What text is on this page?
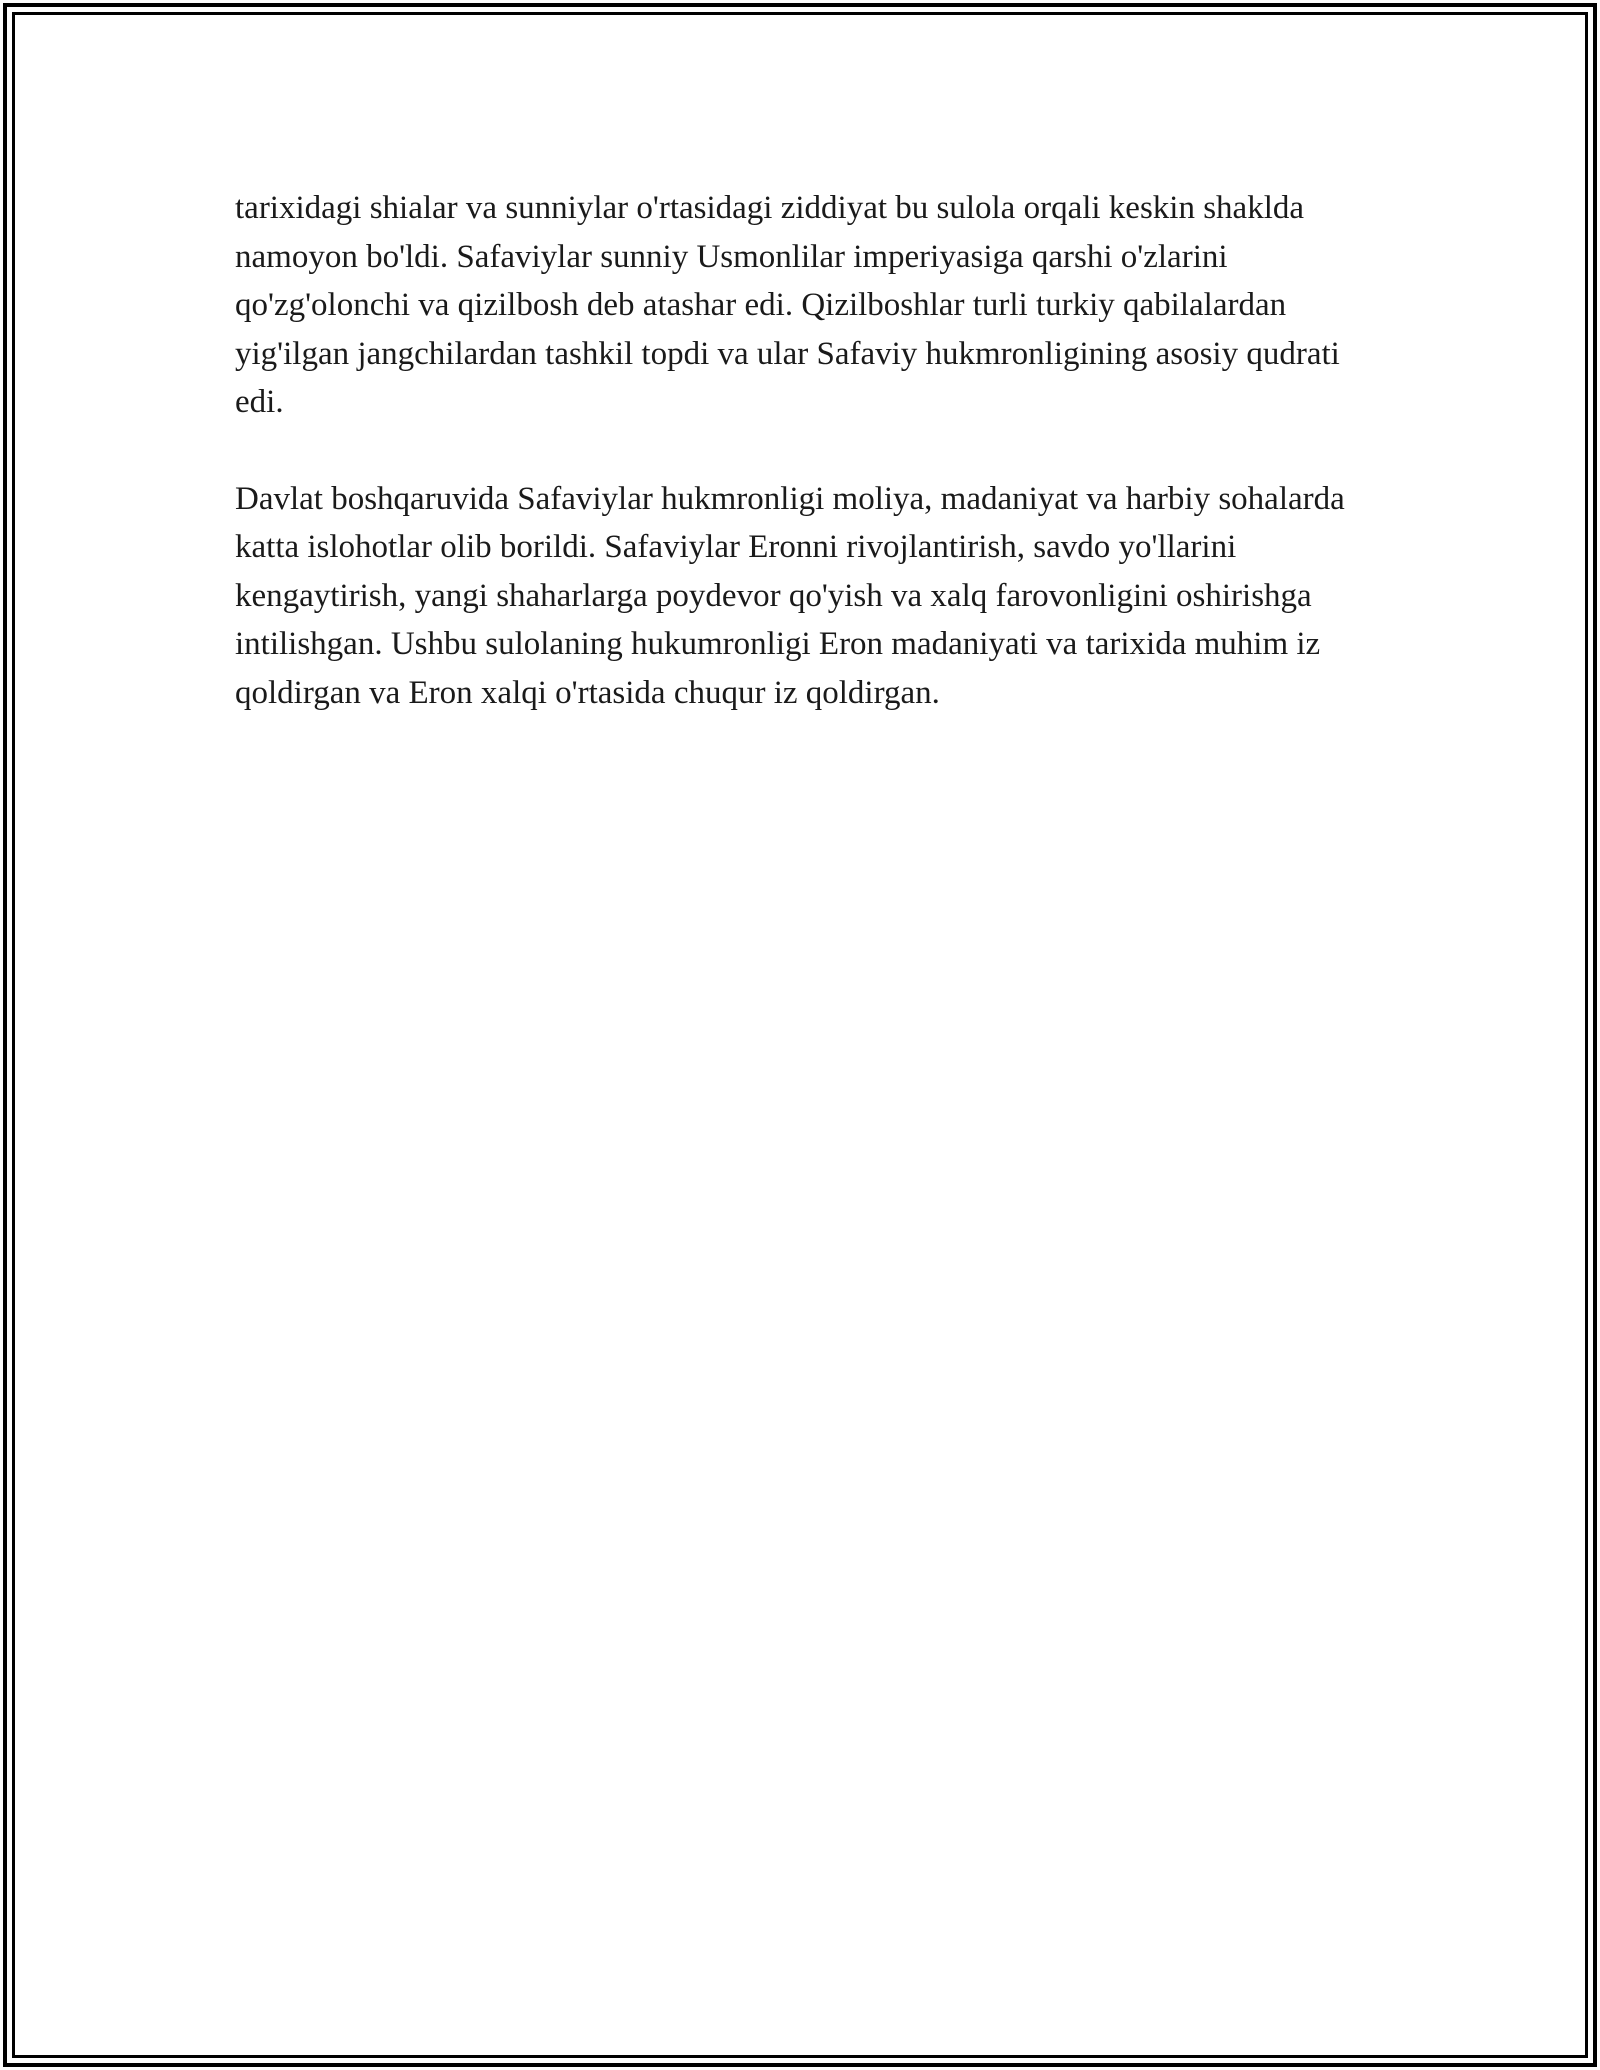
tarixidagi shialar va sunniylar o'rtasidagi ziddiyat bu sulola orqali keskin shaklda namoyon bo'ldi. Safaviylar sunniy Usmonlilar imperiyasiga qarshi o'zlarini qo'zg'olonchi va qizilbosh deb atashar edi. Qizilboshlar turli turkiy qabilalardan yig'ilgan jangchilardan tashkil topdi va ular Safaviy hukmronligining asosiy qudrati edi.

Davlat boshqaruvida Safaviylar hukmronligi moliya, madaniyat va harbiy sohalarda katta islohotlar olib borildi. Safaviylar Eronni rivojlantirish, savdo yo'llarini kengaytirish, yangi shaharlarga poydevor qo'yish va xalq farovonligini oshirishga intilishgan. Ushbu sulolaning hukumronligi Eron madaniyati va tarixida muhim iz qoldirgan va Eron xalqi o'rtasida chuqur iz qoldirgan.
